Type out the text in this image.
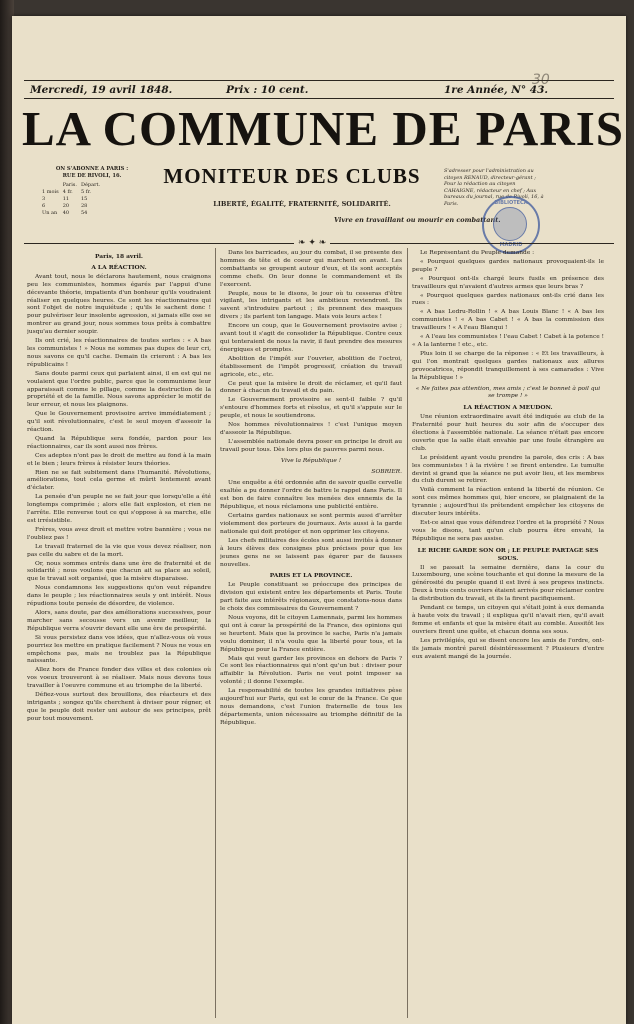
Mercredi, 19 avril 1848.	Prix : 10 cent.	1re Année, N° 43.
30
LA COMMUNE DE PARIS
MONITEUR DES CLUBS
LIBERTÉ, ÉGALITÉ, FRATERNITÉ, SOLIDARITÉ.
Vivre en travaillant ou mourir en combattant.
ON S'ABONNE A PARIS :
RUE DE RIVOLI, 16.
	Paris.	Départ.
1 mois	4 fr.	5 fr.
3	11	15
6	20	28
Un an	40	54
S'adresser pour l'administration au citoyen RENAUD, directeur-gérant ; Pour la rédaction au citoyen CAHAIGNE, rédacteur en chef ; Aux bureaux du journal, rue de Rivoli, 16, à Paris.	BIBLIOTECA
MADRID
❧ ✦ ❧

Paris, 18 avril.

A LA RÉACTION.

Avant tout, nous le déclarons hautement, nous craignons peu les communistes, hommes égarés par l'appui d'une décevante théorie, impatients d'un bonheur qu'ils voudraient réaliser en quelques heures. Ce sont les réactionnaires qui sont l'objet de notre inquiétude ; qu'ils le sachent donc ! pour pulvériser leur insolente agression, si jamais elle ose se montrer au grand jour, nous sommes tous prêts à combattre jusqu'au dernier soupir.

Ils ont crié, les réactionnaires de toutes sortes : « A bas les communistes ! » Nous ne sommes pas dupes de leur cri, nous savons ce qu'il cache. Demain ils crieront : A bas les républicains !

Sans doute parmi ceux qui parlaient ainsi, il en est qui ne voulaient que l'ordre public, parce que le communisme leur apparaissait comme le pillage, comme la destruction de la propriété et de la famille. Nous savons apprécier le motif de leur erreur, et nous les plaignons.

Que le Gouvernement provisoire arrive immédiatement ; qu'il soit révolutionnaire, c'est le seul moyen d'asseoir la réaction.

Quand la République sera fondée, pardon pour les réactionnaires, car ils sont aussi nos frères.

Ces adeptes n'ont pas le droit de mettre au fond à la main et le bien ; leurs frères à résister leurs théories.

Rien ne se fait subitement dans l'humanité. Révolutions, améliorations, tout cela germe et mûrit lentement avant d'éclater.

La pensée d'un peuple ne se fait jour que lorsqu'elle a été longtemps comprimée ; alors elle fait explosion, et rien ne l'arrête. Elle renverse tout ce qui s'oppose à sa marche, elle est irrésistible.

Frères, vous avez droit et mettre votre bannière ; vous ne l'oubliez pas !

Le travail fraternel de la vie que vous devez réaliser, non pas celle du sabre et de la mort.

Or, nous sommes entrés dans une ère de fraternité et de solidarité ; nous voulons que chacun ait sa place au soleil, que le travail soit organisé, que la misère disparaisse.

Nous condamnons les suggestions qu'on veut répandre dans le peuple ; les réactionnaires seuls y ont intérêt. Nous répudions toute pensée de désordre, de violence.

Alors, sans doute, par des améliorations successives, pour marcher sans secousse vers un avenir meilleur, la République verra s'ouvrir devant elle une ère de prospérité.

Si vous persistez dans vos idées, que n'allez-vous où vous pourriez les mettre en pratique facilement ? Nous ne vous en empêchons pas, mais ne troublez pas la République naissante.

Allez hors de France fonder des villes et des colonies où vos voeux trouveront à se réaliser. Mais nous devons tous travailler à l'oeuvre commune et au triomphe de la liberté.

Défiez-vous surtout des brouillons, des réacteurs et des intrigants ; songez qu'ils cherchent à diviser pour régner, et que le peuple doit rester uni autour de ses principes, prêt pour tout mouvement.

Dans les barricades, au jour du combat, il se présente des hommes de tête et de coeur qui marchent en avant. Les combattants se groupent autour d'eux, et ils sont acceptés comme chefs. On leur donne le commandement et ils l'exercent.

Peuple, nous te le disons, le jour où tu cesseras d'être vigilant, les intrigants et les ambitieux reviendront. Ils savent s'introduire partout ; ils prennent des masques divers ; ils parlent ton langage. Mais vois leurs actes !

Encore un coup, que le Gouvernement provisoire avise ; avant tout il s'agit de consolider la République. Contre ceux qui tenteraient de nous la ravir, il faut prendre des mesures énergiques et promptes.

Abolition de l'impôt sur l'ouvrier, abolition de l'octroi, établissement de l'impôt progressif, création du travail agricole, etc., etc.

Ce peut que la misère le droit de réclamer, et qu'il faut donner à chacun du travail et du pain.

Le Gouvernement provisoire se sent-il faible ? qu'il s'entoure d'hommes forts et résolus, et qu'il s'appuie sur le peuple, et nous le soutiendrons.

Nos hommes révolutionnaires ! c'est l'unique moyen d'asseoir la République.

L'assemblée nationale devra poser en principe le droit au travail pour tous. Dès lors plus de pauvres parmi nous.

Vive la République !

SOBRIER.

Une enquête a été ordonnée afin de savoir quelle cervelle exaltée a pu donner l'ordre de battre le rappel dans Paris. Il est bon de faire connaître les menées des ennemis de la République, et nous réclamons une publicité entière.

Certains gardes nationaux se sont permis aussi d'arrêter violemment des porteurs de journaux. Avis aussi à la garde nationale qui doit protéger et non opprimer les citoyens.

Les chefs militaires des écoles sont aussi invités à donner à leurs élèves des consignes plus précises pour que les jeunes gens ne se laissent pas égarer par de fausses nouvelles.

PARIS ET LA PROVINCE.

Le Peuple constituant se préoccupe des principes de division qui existent entre les départements et Paris. Toute part faite aux intérêts régionaux, que constatons-nous dans le choix des commissaires du Gouvernement ?

Nous voyons, dit le citoyen Lamennais, parmi les hommes qui ont à cœur la prospérité de la France, des opinions qui se heurtent. Mais que la province le sache, Paris n'a jamais voulu dominer, il n'a voulu que la liberté pour tous, et la République pour la France entière.

Mais qui veut garder les provinces en dehors de Paris ? Ce sont les réactionnaires qui n'ont qu'un but : diviser pour affaiblir la Révolution. Paris ne veut point imposer sa volonté ; il donne l'exemple.

La responsabilité de toutes les grandes initiatives pèse aujourd'hui sur Paris, qui est le cœur de la France. Ce que nous demandons, c'est l'union fraternelle de tous les départements, union nécessaire au triomphe définitif de la République.

Le Représentant du Peuple demande :

« Pourquoi quelques gardes nationaux provoquaient-ils le peuple ?

« Pourquoi ont-ils chargé leurs fusils en présence des travailleurs qui n'avaient d'autres armes que leurs bras ?

« Pourquoi quelques gardes nationaux ont-ils crié dans les rues :

« A bas Ledru-Rollin ! « A bas Louis Blanc ! « A bas les communistes ! « A bas Cabet ! « A bas la commission des travailleurs ! « A l'eau Blanqui !

« A l'eau les communistes ! l'eau Cabet ! Cabet à la potence ! « A la lanterne ! etc., etc.

Plus loin il se charge de la réponse : « Et les travailleurs, à qui l'on montrait quelques gardes nationaux aux allures provocatrices, répondit tranquillement à ses camarades : Vive la République ! »

« Ne faites pas attention, mes amis ; c'est le bonnet à poil qui se trompe ! »

LA RÉACTION A MEUDON.

Une réunion extraordinaire avait été indiquée au club de la Fraternité pour huit heures du soir afin de s'occuper des élections à l'assemblée nationale. La séance n'était pas encore ouverte que la salle était envahie par une foule étrangère au club.

Le président ayant voulu prendre la parole, des cris : A bas les communistes ! à la rivière ! se firent entendre. Le tumulte devint si grand que la séance ne put avoir lieu, et les membres du club durent se retirer.

Voilà comment la réaction entend la liberté de réunion. Ce sont ces mêmes hommes qui, hier encore, se plaignaient de la tyrannie ; aujourd'hui ils prétendent empêcher les citoyens de discuter leurs intérêts.

Est-ce ainsi que vous défendrez l'ordre et la propriété ? Nous vous le disons, tant qu'un club pourra être envahi, la République ne sera pas assise.

LE RICHE GARDE SON OR ; LE PEUPLE PARTAGE SES SOUS.

Il se passait la semaine dernière, dans la cour du Luxembourg, une scène touchante et qui donne la mesure de la générosité du peuple quand il est livré à ses propres instincts. Deux à trois cents ouvriers étaient arrivés pour réclamer contre la distribution du travail, et ils la firent pacifiquement.

Pendant ce temps, un citoyen qui s'était joint à eux demanda à haute voix du travail ; il expliqua qu'il n'avait rien, qu'il avait femme et enfants et que la misère était au comble. Aussitôt les ouvriers firent une quête, et chacun donna ses sous.

Les privilégiés, qui se disent encore les amis de l'ordre, ont-ils jamais montré pareil désintéressement ? Plusieurs d'entre eux avaient mangé de la journée.
